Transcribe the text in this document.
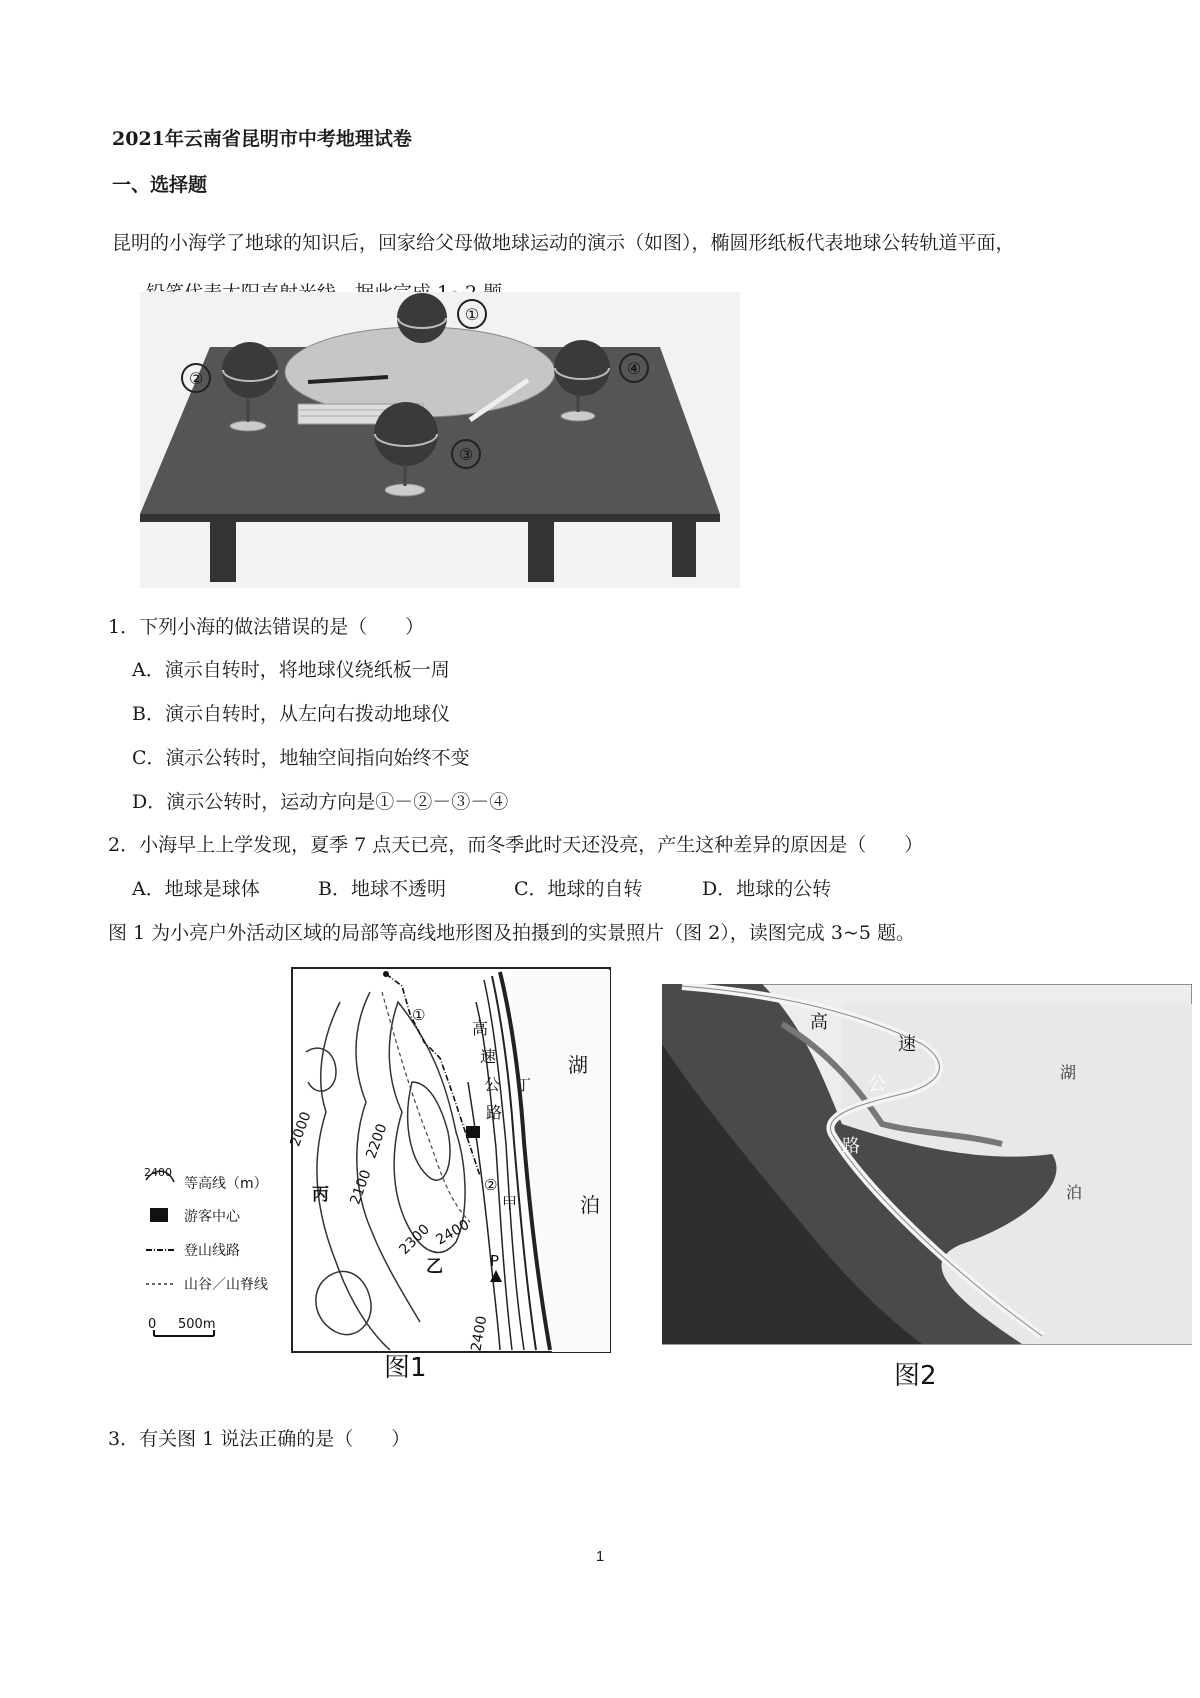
2021年云南省昆明市中考地理试卷
一、选择题
昆明的小海学了地球的知识后，回家给父母做地球运动的演示（如图），椭圆形纸板代表地球公转轨道平面，
①
②
③
④
1．下列小海的做法错误的是（　　）
A．演示自转时，将地球仪绕纸板一周
B．演示自转时，从左向右拨动地球仪
C．演示公转时，地轴空间指向始终不变
D．演示公转时，运动方向是①－②－③－④
2．小海早上上学发现，夏季 7 点天已亮，而冬季此时天还没亮，产生这种差异的原因是（　　）
A．地球是球体	B．地球不透明	C．地球的自转	D．地球的公转
图 1 为小亮户外活动区域的局部等高线地形图及拍摄到的实景照片（图 2），读图完成 3~5 题。
2000
2100
2200
2300 2400
2400
丙
乙
甲
丁
P
①
②
高
速
公
路
湖
泊
2400
等高线（m）
游客中心
登山线路
山谷／山脊线
0 500m
图1
高
速
公
路
湖
泊
图2
3．有关图 1 说法正确的是（　　）
1
